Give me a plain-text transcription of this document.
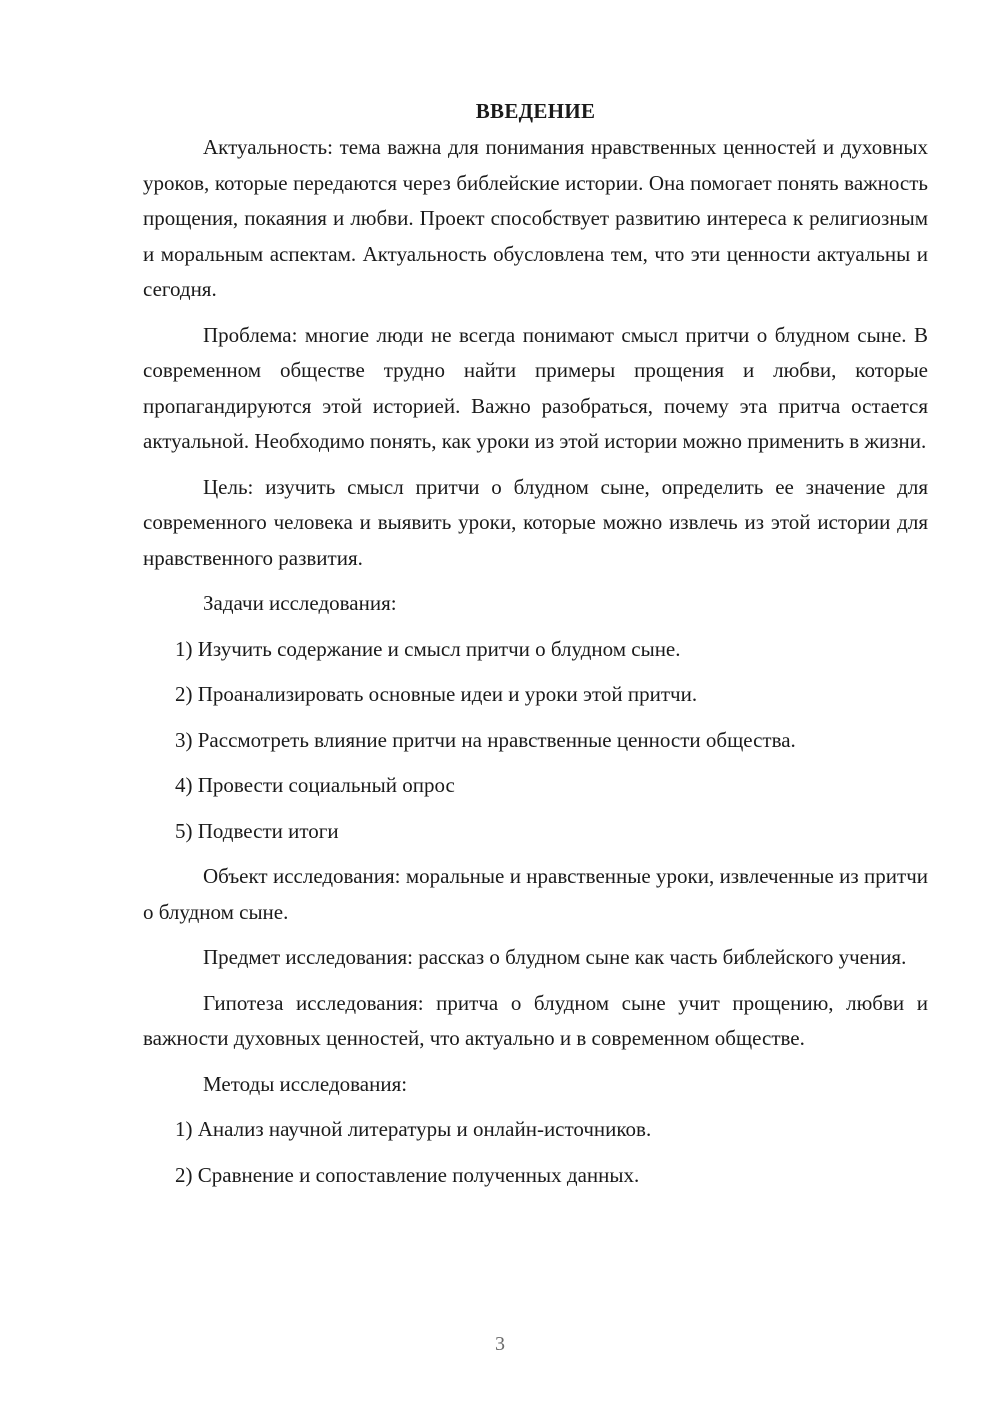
ВВЕДЕНИЕ

Актуальность: тема важна для понимания нравственных ценностей и духовных уроков, которые передаются через библейские истории. Она помогает понять важность прощения, покаяния и любви. Проект способствует развитию интереса к религиозным и моральным аспектам. Актуальность обусловлена тем, что эти ценности актуальны и сегодня.

Проблема: многие люди не всегда понимают смысл притчи о блудном сыне. В современном обществе трудно найти примеры прощения и любви, которые пропагандируются этой историей. Важно разобраться, почему эта притча остается актуальной. Необходимо понять, как уроки из этой истории можно применить в жизни.

Цель: изучить смысл притчи о блудном сыне, определить ее значение для современного человека и выявить уроки, которые можно извлечь из этой истории для нравственного развития.

Задачи исследования:

1) Изучить содержание и смысл притчи о блудном сыне.

2) Проанализировать основные идеи и уроки этой притчи.

3) Рассмотреть влияние притчи на нравственные ценности общества.

4) Провести социальный опрос

5) Подвести итоги

Объект исследования: моральные и нравственные уроки, извлеченные из притчи о блудном сыне.

Предмет исследования: рассказ о блудном сыне как часть библейского учения.

Гипотеза исследования: притча о блудном сыне учит прощению, любви и важности духовных ценностей, что актуально и в современном обществе.

Методы исследования:

1) Анализ научной литературы и онлайн-источников.

2) Сравнение и сопоставление полученных данных.

3
